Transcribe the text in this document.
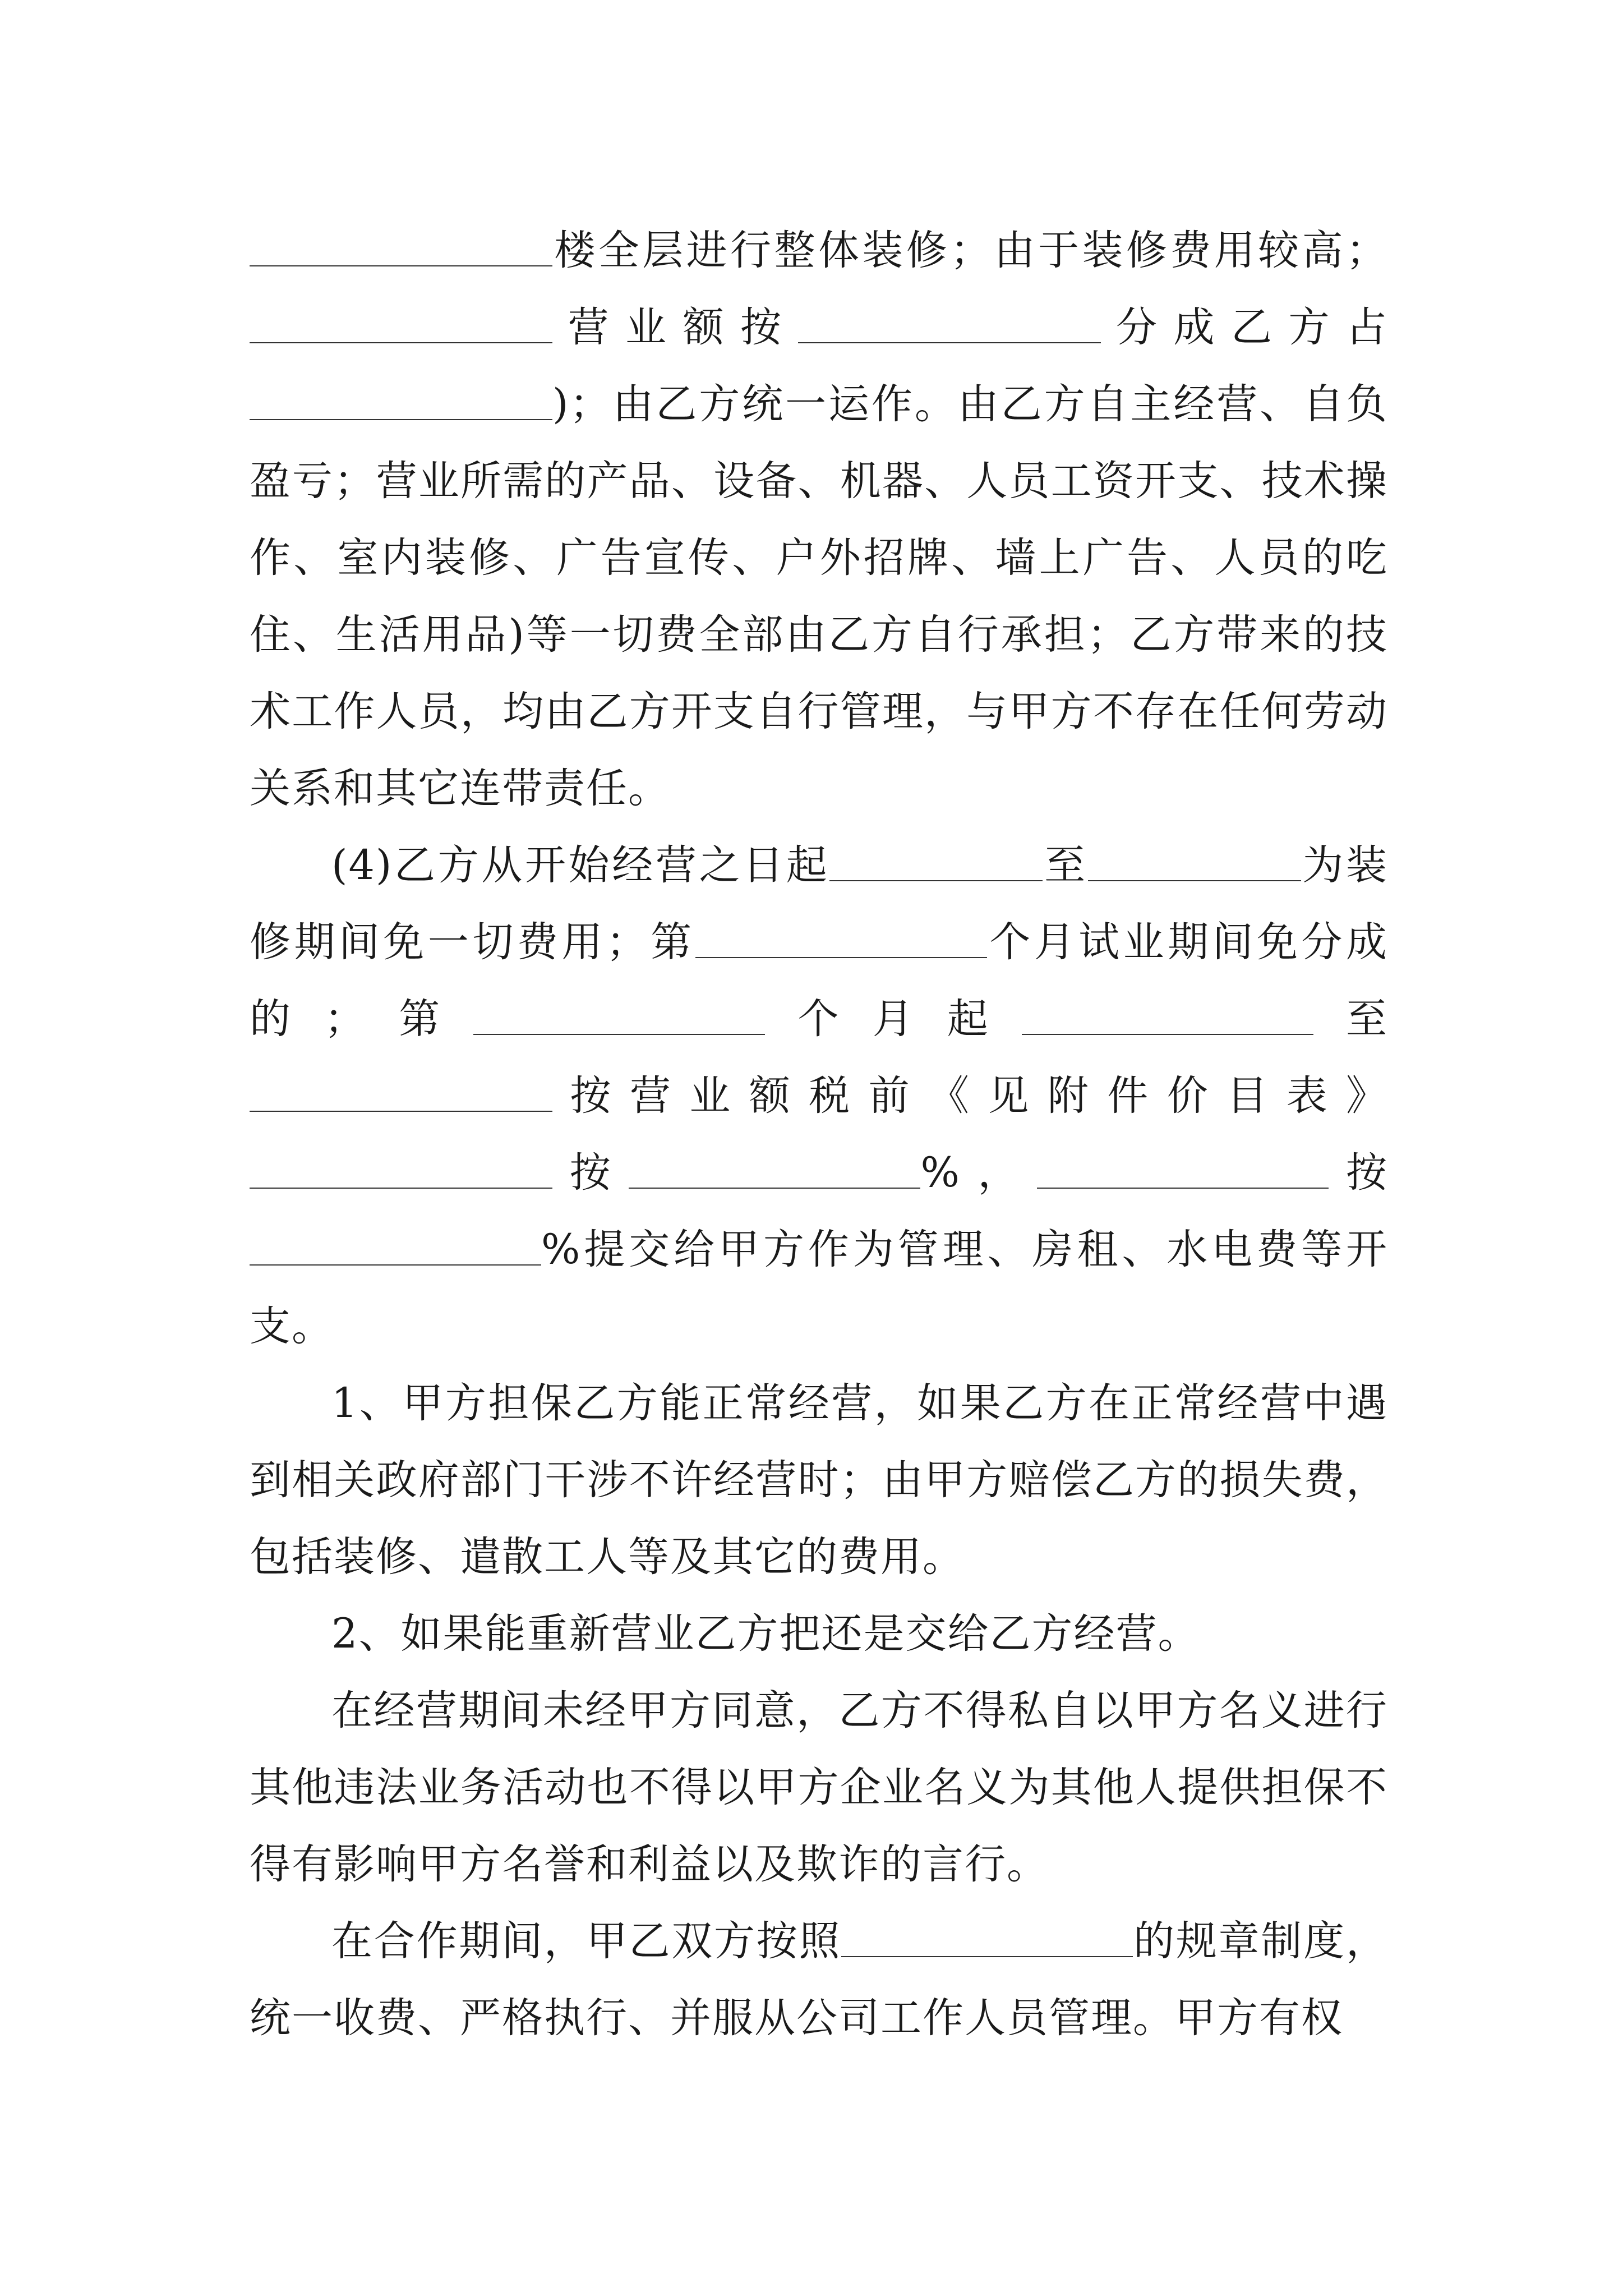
楼全层进行整体装修；由于装修费用较高；营业额按	分成乙方占)；由乙方统一运作。由乙方自主经营、自负盈亏；营业所需的产品、设备、机器、人员工资开支、技术操作、室内装修、广告宣传、户外招牌、墙上广告、人员的吃住、生活用品)等一切费全部由乙方自行承担；乙方带来的技术工作人员，均由乙方开支自行管理，与甲方不存在任何劳动关系和其它连带责任。

(4)乙方从开始经营之日起	至	为装修期间免一切费用；第	个月试业期间免分成的；第	个月起	至按营业额税前《见附件价目表》按	%，	按%提交给甲方作为管理、房租、水电费等开支。

1、甲方担保乙方能正常经营，如果乙方在正常经营中遇到相关政府部门干涉不许经营时；由甲方赔偿乙方的损失费，包括装修、遣散工人等及其它的费用。

2、如果能重新营业乙方把还是交给乙方经营。

在经营期间未经甲方同意，乙方不得私自以甲方名义进行其他违法业务活动也不得以甲方企业名义为其他人提供担保不得有影响甲方名誉和利益以及欺诈的言行。

在合作期间，甲乙双方按照	的规章制度，统一收费、严格执行、并服从公司工作人员管理。甲方有权
